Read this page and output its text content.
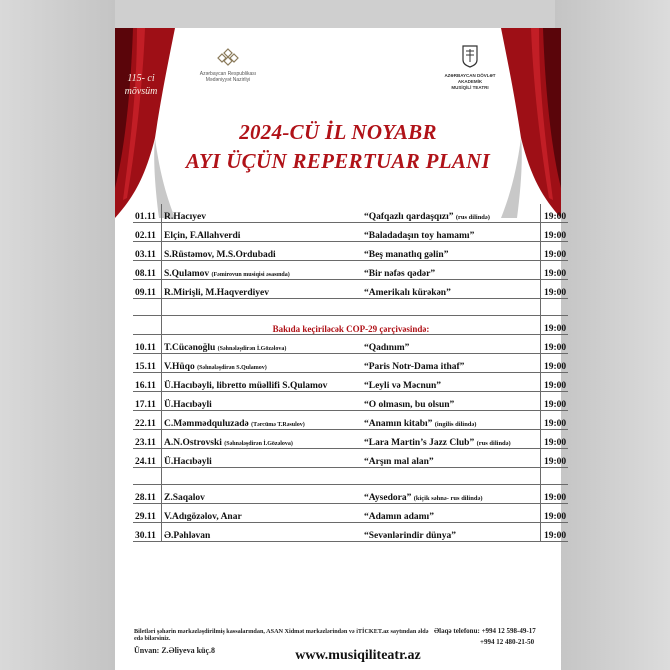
115- ci
mövsüm
Azərbaycan Respublikası
Mədəniyyət Nazirliyi
AZƏRBAYCAN DÖVLƏT
AKADEMİK
MUSİQİLİ TEATRI
2024-CÜ İL NOYABR
AYI ÜÇÜN REPERTUAR PLANI
01.11	R.Hacıyev	“Qafqazlı qardaşqızı” (rus dilində)	19:00
02.11	Elçin, F.Allahverdi	“Baladadaşın toy hamamı”	19:00
03.11	S.Rüstəmov, M.S.Ordubadi	“Beş manatlıq gəlin”	19:00
08.11	S.Qulamov (Fəmirovun musiqisi əsasında)	“Bir nəfəs qədər”	19:00
09.11	R.Mirişli, M.Haqverdiyev	“Amerikalı kürəkən”	19:00

	Bakıda keçiriləcək COP-29 çərçivəsində:		19:00
10.11	T.Cücənoğlu (Səhnələşdirən İ.Gözəlova)	“Qadınım”	19:00
15.11	V.Hüqo (Səhnələşdirən S.Qulamov)	“Paris Notr-Dama ithaf”	19:00
16.11	Ü.Hacıbəyli, libretto müəllifi S.Qulamov	“Leyli və Məcnun”	19:00
17.11	Ü.Hacıbəyli	“O olmasın, bu olsun”	19:00
22.11	C.Məmmədquluzadə (Tərcümə T.Rəsulov)	“Anamın kitabı” (ingilis dilində)	19:00
23.11	A.N.Ostrovski (Səhnələşdirən İ.Gözəlova)	“Lara Martin’s Jazz Club” (rus dilində)	19:00
24.11	Ü.Hacıbəyli	“Arşın mal alan”	19:00

28.11	Z.Saqalov	“Aysedora” (kiçik səhnə- rus dilində)	19:00
29.11	V.Adıgözəlov, Anar	“Adamın adamı”	19:00
30.11	Ə.Pəhləvan	“Sevənlərindir dünya”	19:00
Biletləri şəhərin mərkəzləşdirilmiş kassalarından, ASAN Xidmət mərkəzlərindən və iTİCKET.az saytından əldə edə bilərsiniz.
Əlaqə telefonu: +994 12 598-49-17
+994 12 480-21-50
Ünvan: Z.Əliyeva küç.8	www.musiqiliteatr.az
